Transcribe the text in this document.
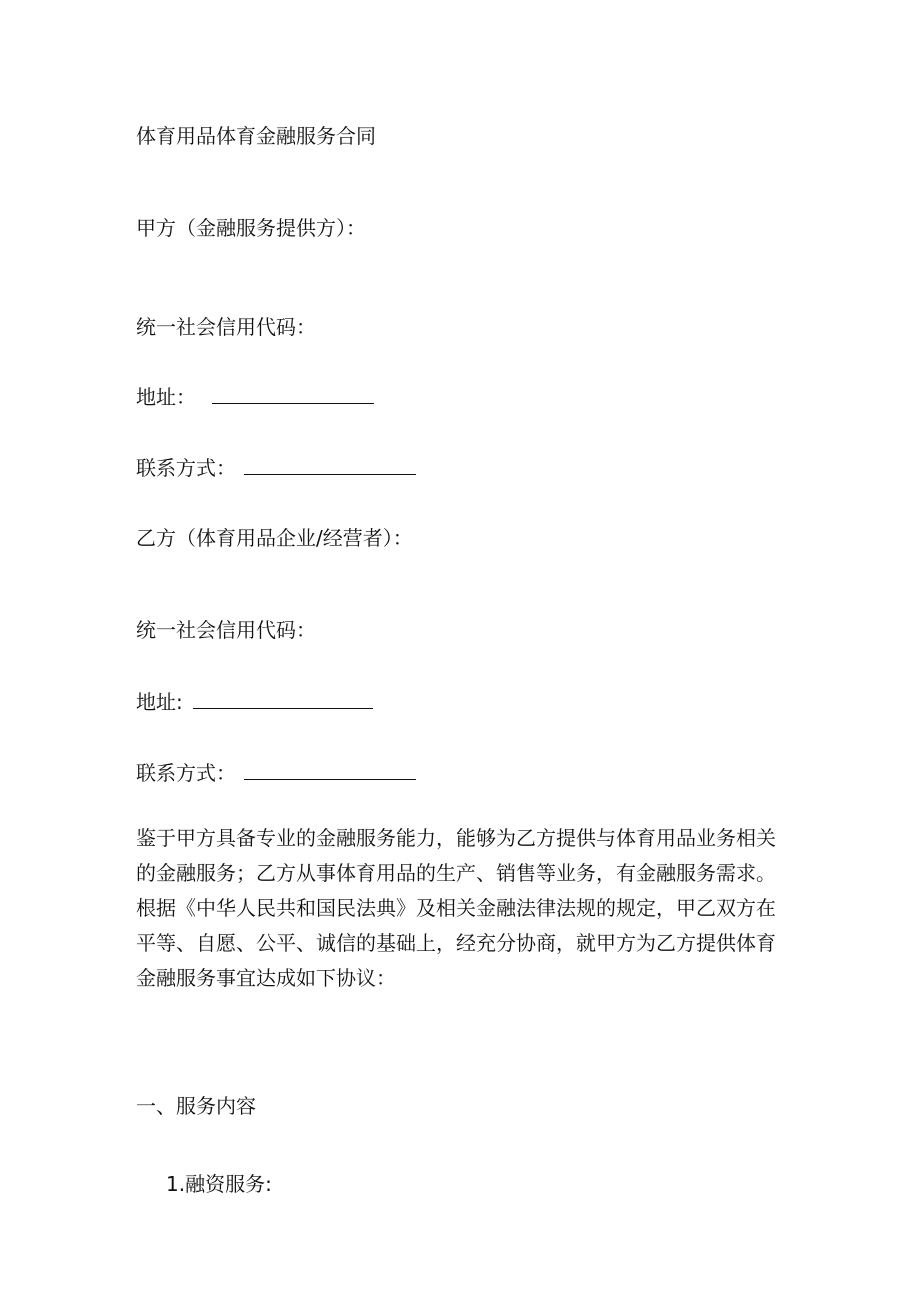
体育用品体育金融服务合同
甲方（金融服务提供方）：
统一社会信用代码：
地址：
联系方式：
乙方（体育用品企业/经营者）：
统一社会信用代码：
地址:
联系方式：
鉴于甲方具备专业的金融服务能力，能够为乙方提供与体育用品业务相关
的金融服务；乙方从事体育用品的生产、销售等业务，有金融服务需求。
根据《中华人民共和国民法典》及相关金融法律法规的规定，甲乙双方在
平等、自愿、公平、诚信的基础上，经充分协商，就甲方为乙方提供体育
金融服务事宜达成如下协议：
一、服务内容
1.融资服务:
